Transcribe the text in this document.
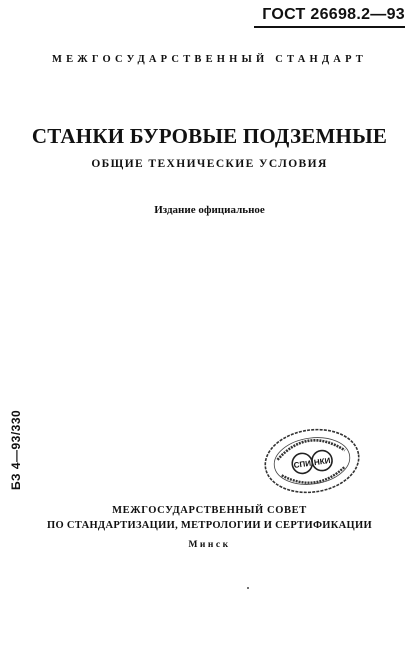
ГОСТ 26698.2—93
МЕЖГОСУДАРСТВЕННЫЙ СТАНДАРТ
СТАНКИ БУРОВЫЕ ПОДЗЕМНЫЕ
ОБЩИЕ ТЕХНИЧЕСКИЕ УСЛОВИЯ
Издание официальное
БЗ 4—93/330	СПИ НКИ
МЕЖГОСУДАРСТВЕННЫЙ СОВЕТ
ПО СТАНДАРТИЗАЦИИ, МЕТРОЛОГИИ И СЕРТИФИКАЦИИ
Минск
